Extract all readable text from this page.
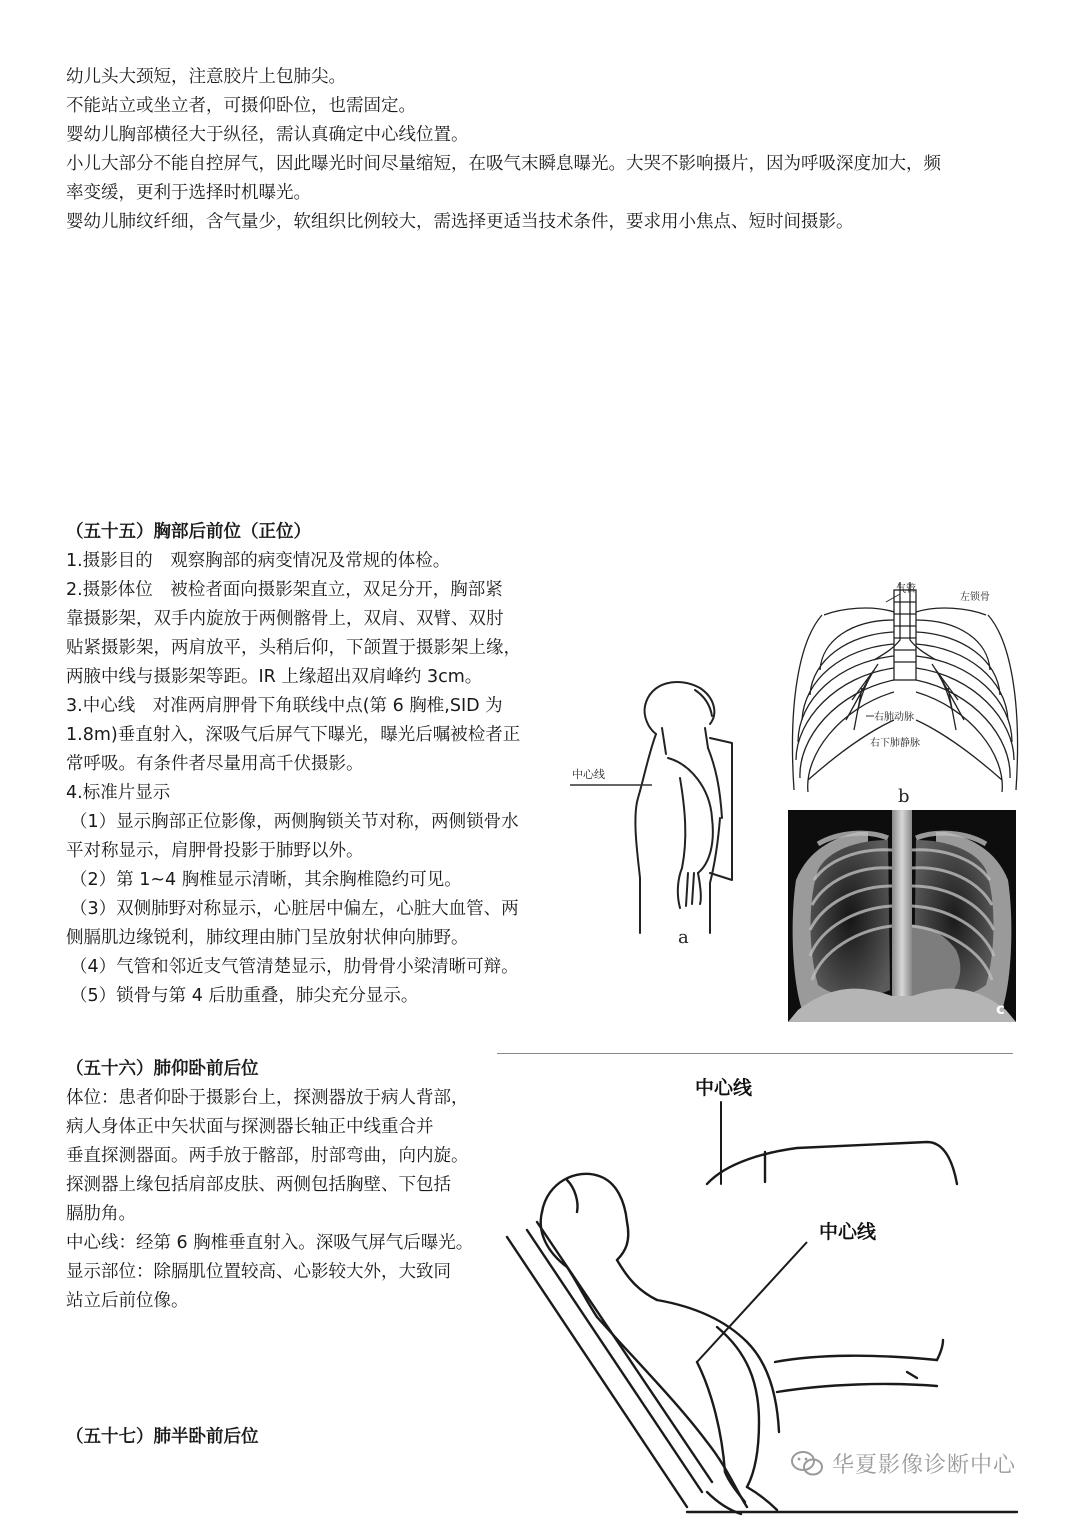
幼儿头大颈短，注意胶片上包肺尖。

不能站立或坐立者，可摄仰卧位，也需固定。

婴幼儿胸部横径大于纵径，需认真确定中心线位置。

小儿大部分不能自控屏气，因此曝光时间尽量缩短，在吸气末瞬息曝光。大哭不影响摄片，因为呼吸深度加大，频

率变缓，更利于选择时机曝光。

婴幼儿肺纹纤细，含气量少，软组织比例较大，需选择更适当技术条件，要求用小焦点、短时间摄影。

（五十五）胸部后前位（正位）

1.摄影目的　观察胸部的病变情况及常规的体检。

2.摄影体位　被检者面向摄影架直立，双足分开，胸部紧

靠摄影架，双手内旋放于两侧髂骨上，双肩、双臂、双肘

贴紧摄影架，两肩放平，头稍后仰，下颌置于摄影架上缘，

两腋中线与摄影架等距。IR 上缘超出双肩峰约 3cm。

3.中心线　对准两肩胛骨下角联线中点(第 6 胸椎,SID 为

1.8m)垂直射入，深吸气后屏气下曝光，曝光后嘱被检者正

常呼吸。有条件者尽量用高千伏摄影。

4.标准片显示

（1）显示胸部正位影像，两侧胸锁关节对称，两侧锁骨水

平对称显示，肩胛骨投影于肺野以外。

（2）第 1~4 胸椎显示清晰，其余胸椎隐约可见。

（3）双侧肺野对称显示，心脏居中偏左，心脏大血管、两

侧膈肌边缘锐利，肺纹理由肺门呈放射状伸向肺野。

（4）气管和邻近支气管清楚显示，肋骨骨小梁清晰可辩。

（5）锁骨与第 4 后肋重叠，肺尖充分显示。

中心线
a
气管
左锁骨
右肺动脉
右下肺静脉
b
c

（五十六）肺仰卧前后位

体位：患者仰卧于摄影台上，探测器放于病人背部，

病人身体正中矢状面与探测器长轴正中线重合并

垂直探测器面。两手放于髂部，肘部弯曲，向内旋。

探测器上缘包括肩部皮肤、两侧包括胸壁、下包括

膈肋角。

中心线：经第 6 胸椎垂直射入。深吸气屏气后曝光。

显示部位：除膈肌位置较高、心影较大外，大致同

站立后前位像。

中心线
中心线

（五十七）肺半卧前后位

华夏影像诊断中心
